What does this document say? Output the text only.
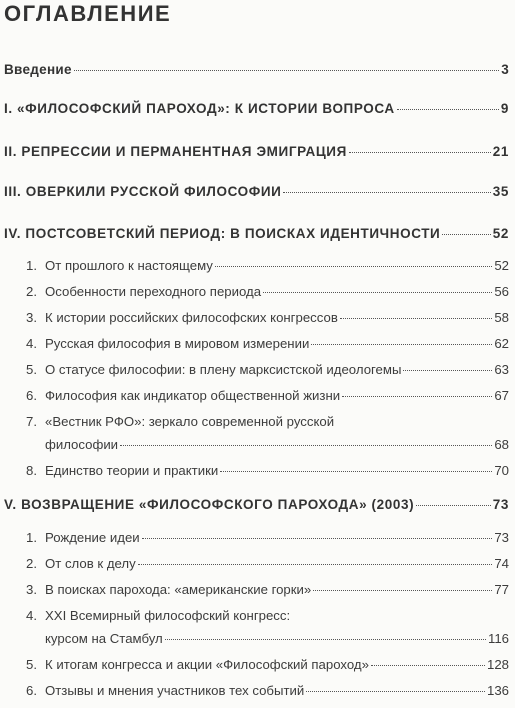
ОГЛАВЛЕНИЕ
Введение	3
I. «ФИЛОСОФСКИЙ ПАРОХОД»: К ИСТОРИИ ВОПРОСА	9
II. РЕПРЕССИИ И ПЕРМАНЕНТНАЯ ЭМИГРАЦИЯ	21
III. ОВЕРКИЛИ РУССКОЙ ФИЛОСОФИИ	35
IV. ПОСТСОВЕТСКИЙ ПЕРИОД: В ПОИСКАХ ИДЕНТИЧНОСТИ	52
1. От прошлого к настоящему	52
2. Особенности переходного периода	56
3. К истории российских философских конгрессов	58
4. Русская философия в мировом измерении	62
5. О статусе философии: в плену марксистской идеологемы	63
6. Философия как индикатор общественной жизни	67
7. «Вестник РФО»: зеркало современной русской
философии	68
8. Единство теории и практики	70
V. ВОЗВРАЩЕНИЕ «ФИЛОСОФСКОГО ПАРОХОДА» (2003)	73
1. Рождение идеи	73
2. От слов к делу	74
3. В поисках парохода: «американские горки»	77
4. XXI Всемирный философский конгресс:
курсом на Стамбул	116
5. К итогам конгресса и акции «Философский пароход»	128
6. Отзывы и мнения участников тех событий	136
